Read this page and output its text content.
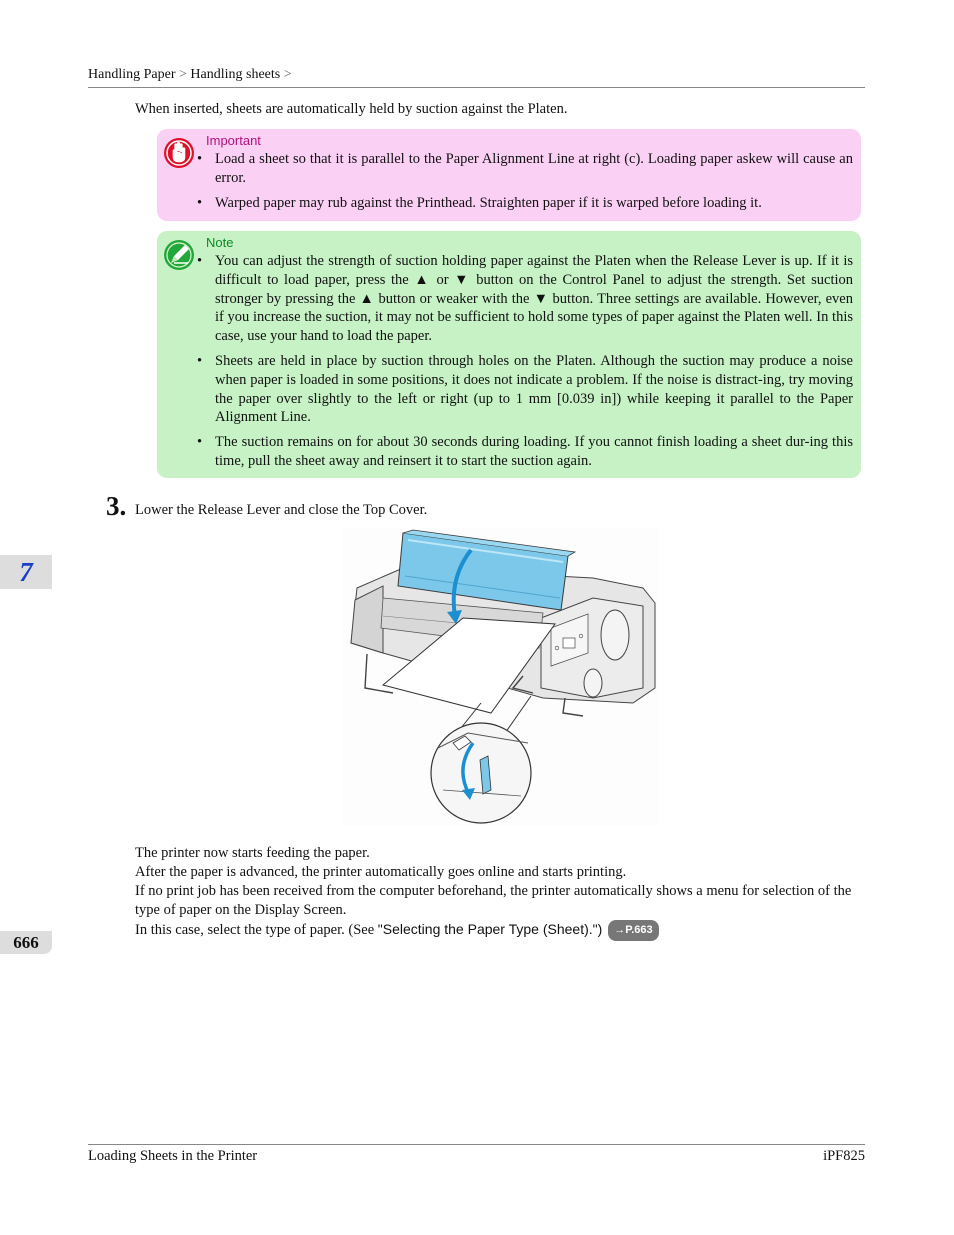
Handling Paper > Handling sheets >
When inserted, sheets are automatically held by suction against the Platen.
Important
• Load a sheet so that it is parallel to the Paper Alignment Line at right (c). Loading paper askew will cause an error.
• Warped paper may rub against the Printhead. Straighten paper if it is warped before loading it.
Note
• You can adjust the strength of suction holding paper against the Platen when the Release Lever is up. If it is difficult to load paper, press the ▲ or ▼ button on the Control Panel to adjust the strength. Set suction stronger by pressing the ▲ button or weaker with the ▼ button. Three settings are available. However, even if you increase the suction, it may not be sufficient to hold some types of paper against the Platen well. In this case, use your hand to load the paper.
• Sheets are held in place by suction through holes on the Platen. Although the suction may produce a noise when paper is loaded in some positions, it does not indicate a problem. If the noise is distract-ing, try moving the paper over slightly to the left or right (up to 1 mm [0.039 in]) while keeping it parallel to the Paper Alignment Line.
• The suction remains on for about 30 seconds during loading. If you cannot finish loading a sheet dur-ing this time, pull the sheet away and reinsert it to start the suction again.
3. Lower the Release Lever and close the Top Cover.

The printer now starts feeding the paper.

After the paper is advanced, the printer automatically goes online and starts printing.

If no print job has been received from the computer beforehand, the printer automatically shows a menu for selection of the type of paper on the Display Screen.

In this case, select the type of paper. (See "Selecting the Paper Type (Sheet).") →P.663

7
666
Loading Sheets in the Printer	iPF825
